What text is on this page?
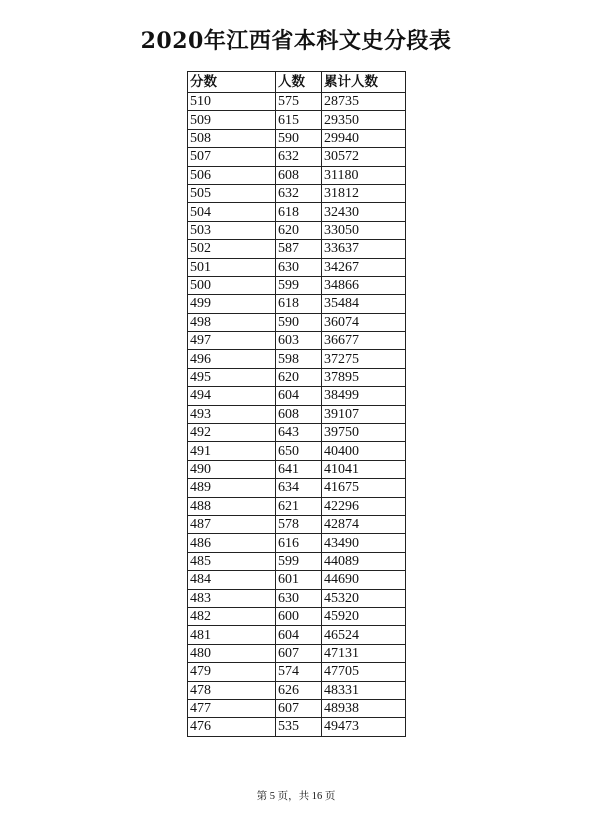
2020年江西省本科文史分段表
分数	人数	累计人数
510	575	28735
509	615	29350
508	590	29940
507	632	30572
506	608	31180
505	632	31812
504	618	32430
503	620	33050
502	587	33637
501	630	34267
500	599	34866
499	618	35484
498	590	36074
497	603	36677
496	598	37275
495	620	37895
494	604	38499
493	608	39107
492	643	39750
491	650	40400
490	641	41041
489	634	41675
488	621	42296
487	578	42874
486	616	43490
485	599	44089
484	601	44690
483	630	45320
482	600	45920
481	604	46524
480	607	47131
479	574	47705
478	626	48331
477	607	48938
476	535	49473
第 5 页，共 16 页
